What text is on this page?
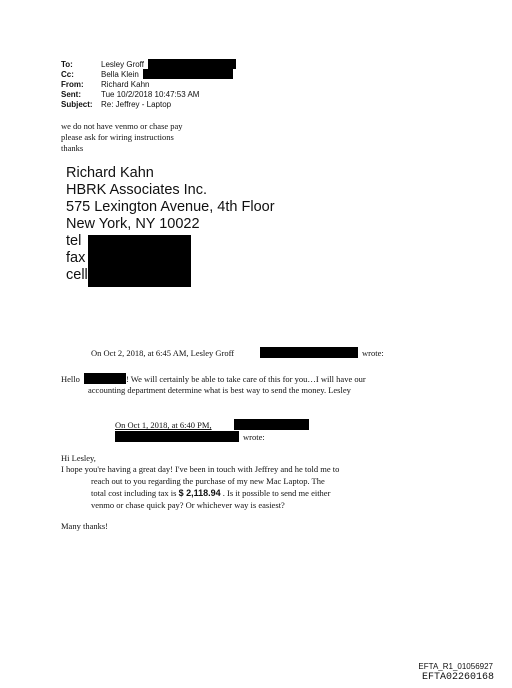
To:	Lesley Groff
Cc:	Bella Klein
From: Richard Kahn
Sent:	Tue 10/2/2018 10:47:53 AM
Subject: Re: Jeffrey - Laptop
we do not have venmo or chase pay
please ask for wiring instructions
thanks
Richard Kahn
HBRK Associates Inc.
575 Lexington Avenue, 4th Floor
New York, NY 10022
tel
fax
cell
On Oct 2, 2018, at 6:45 AM, Lesley Groff	wrote:
Hello	! We will certainly be able to take care of this for you…I will have our
accounting department determine what is best way to send the money. Lesley
On Oct 1, 2018, at 6:40 PM,
wrote:
Hi Lesley,
I hope you're having a great day! I've been in touch with Jeffrey and he told me to
reach out to you regarding the purchase of my new Mac Laptop. The
total cost including tax is $ 2,118.94 . Is it possible to send me either
venmo or chase quick pay? Or whichever way is easiest?
Many thanks!
EFTA_R1_01056927
EFTA02260168
